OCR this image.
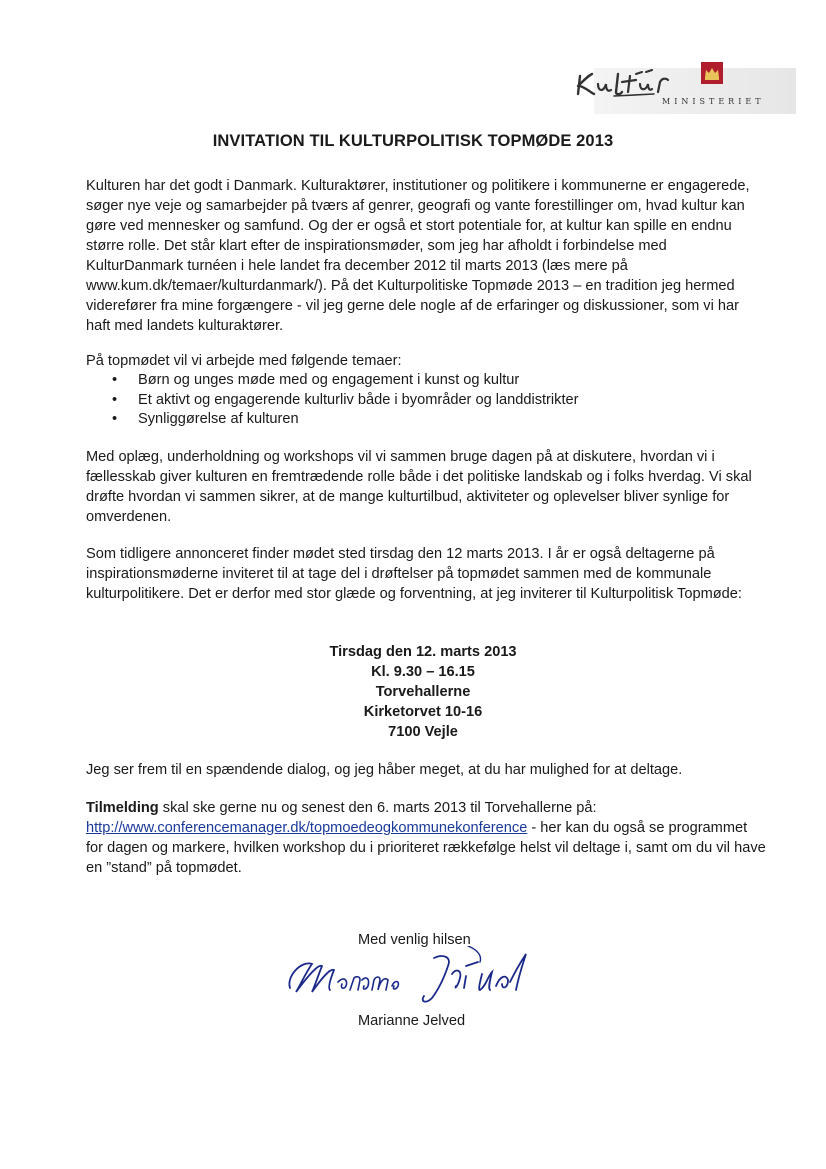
MINISTERIET
INVITATION TIL KULTURPOLITISK TOPMØDE 2013
Kulturen har det godt i Danmark. Kulturaktører, institutioner og politikere i kommunerne er engagerede, søger nye veje og samarbejder på tværs af genrer, geografi og vante forestillinger om, hvad kultur kan gøre ved mennesker og samfund. Og der er også et stort potentiale for, at kultur kan spille en endnu større rolle. Det står klart efter de inspirationsmøder, som jeg har afholdt i forbindelse med KulturDanmark turnéen i hele landet fra december 2012 til marts 2013 (læs mere på www.kum.dk/temaer/kulturdanmark/). På det Kulturpolitiske Topmøde 2013 – en tradition jeg hermed viderefører fra mine forgængere - vil jeg gerne dele nogle af de erfaringer og diskussioner, som vi har haft med landets kulturaktører.
På topmødet vil vi arbejde med følgende temaer:
• Børn og unges møde med og engagement i kunst og kultur
• Et aktivt og engagerende kulturliv både i byområder og landdistrikter
• Synliggørelse af kulturen
Med oplæg, underholdning og workshops vil vi sammen bruge dagen på at diskutere, hvordan vi i fællesskab giver kulturen en fremtrædende rolle både i det politiske landskab og i folks hverdag. Vi skal drøfte hvordan vi sammen sikrer, at de mange kulturtilbud, aktiviteter og oplevelser bliver synlige for omverdenen.
Som tidligere annonceret finder mødet sted tirsdag den 12 marts 2013. I år er også deltagerne på inspirationsmøderne inviteret til at tage del i drøftelser på topmødet sammen med de kommunale kulturpolitikere. Det er derfor med stor glæde og forventning, at jeg inviterer til Kulturpolitisk Topmøde:
Tirsdag den 12. marts 2013
Kl. 9.30 – 16.15
Torvehallerne
Kirketorvet 10-16
7100 Vejle
Jeg ser frem til en spændende dialog, og jeg håber meget, at du har mulighed for at deltage.
Tilmelding skal ske gerne nu og senest den 6. marts 2013 til Torvehallerne på: http://www.conferencemanager.dk/topmoedeogkommunekonference - her kan du også se programmet for dagen og markere, hvilken workshop du i prioriteret rækkefølge helst vil deltage i, samt om du vil have en ”stand” på topmødet.
Med venlig hilsen
Marianne Jelved
